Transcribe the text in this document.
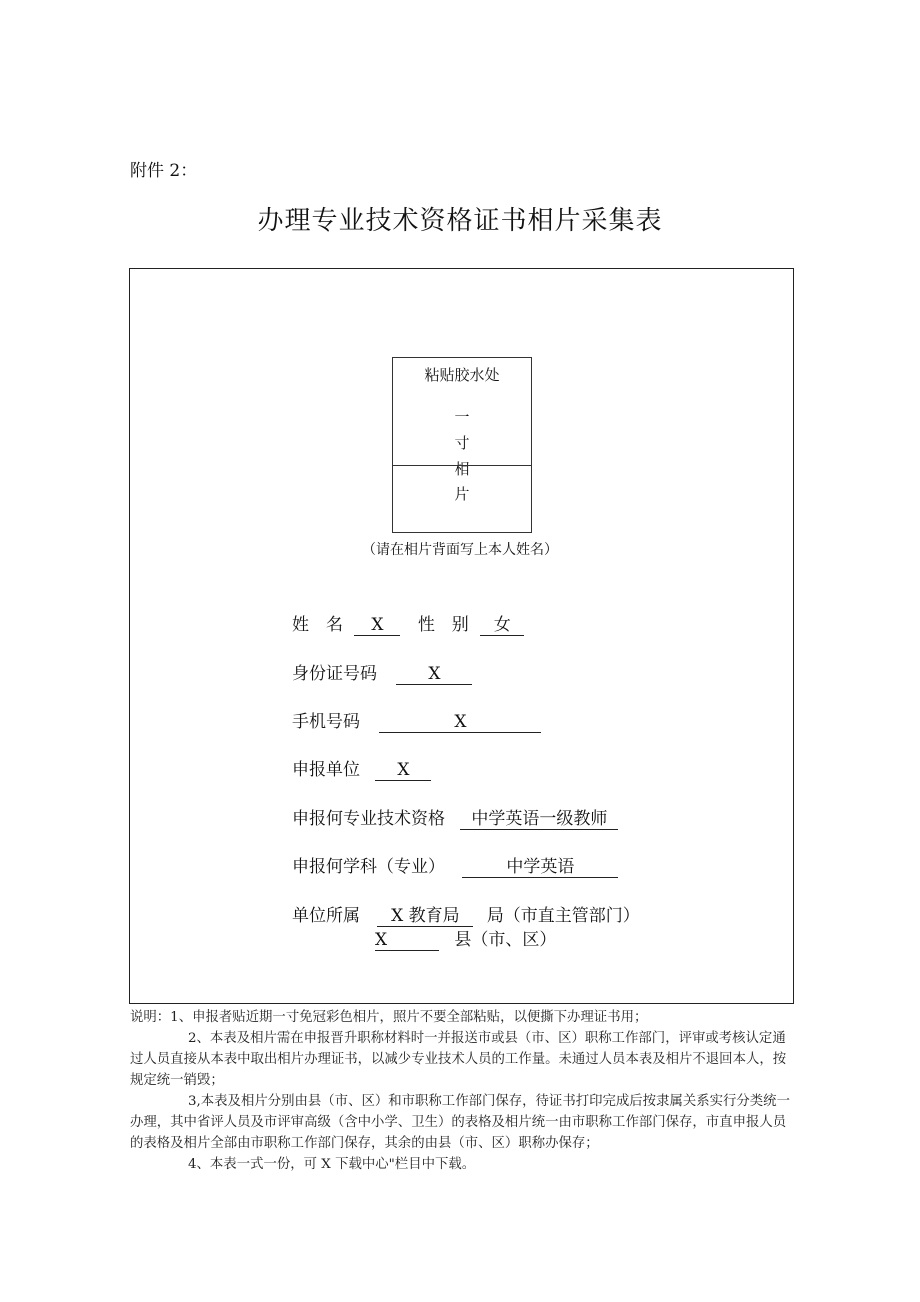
附件 2：
办理专业技术资格证书相片采集表
粘贴胶水处
一
寸
相
片
（请在相片背面写上本人姓名）
姓　名 X 性　别 女
身份证号码	X
手机号码	X
申报单位 X
申报何专业技术资格 中学英语一级教师
申报何学科（专业）	中学英语
单位所属 X 教育局 局（市直主管部门）
X	县（市、区）
说明：1、申报者贴近期一寸免冠彩色相片，照片不要全部粘贴，以便撕下办理证书用；
2、本表及相片需在申报晋升职称材料时一并报送市或县（市、区）职称工作部门，评审或考核认定通过人员直接从本表中取出相片办理证书，以减少专业技术人员的工作量。未通过人员本表及相片不退回本人，按规定统一销毁；
3,本表及相片分别由县（市、区）和市职称工作部门保存，待证书打印完成后按隶属关系实行分类统一办理，其中省评人员及市评审高级（含中小学、卫生）的表格及相片统一由市职称工作部门保存，市直申报人员的表格及相片全部由市职称工作部门保存，其余的由县（市、区）职称办保存；
4、本表一式一份，可 X 下载中心"栏目中下载。
